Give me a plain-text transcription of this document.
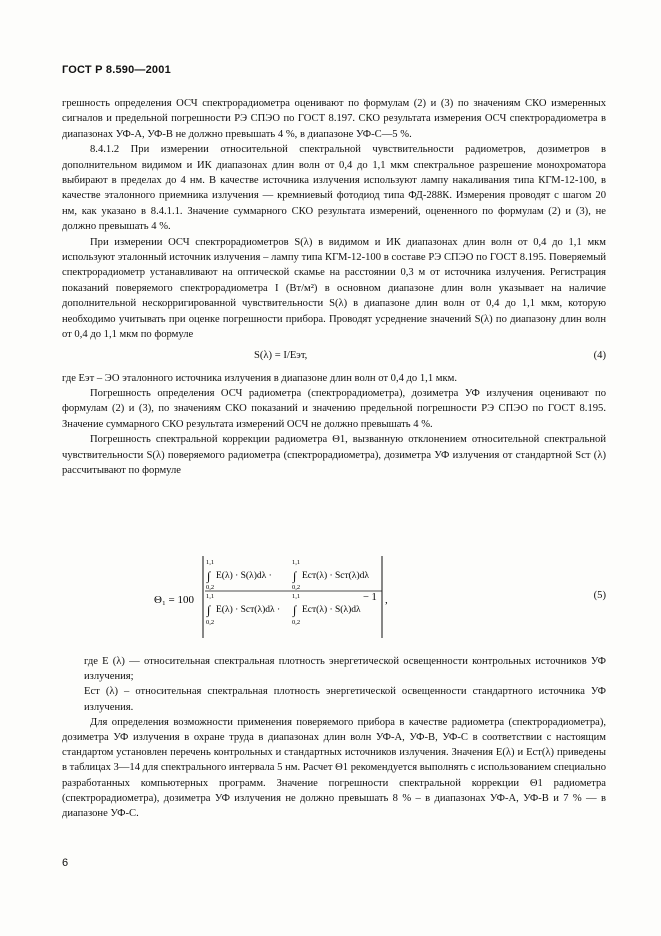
ГОСТ Р 8.590—2001

грешность определения ОСЧ спектрорадиометра оценивают по формулам (2) и (3) по значениям СКО измеренных сигналов и предельной погрешности РЭ СПЭО по ГОСТ 8.197. СКО результата измерения ОСЧ спектрорадиометра в диапазонах УФ-А, УФ-В не должно превышать 4 %, в диапазоне УФ-С—5 %.

8.4.1.2 При измерении относительной спектральной чувствительности радиометров, дозиметров в дополнительном видимом и ИК диапазонах длин волн от 0,4 до 1,1 мкм спектральное разрешение монохроматора выбирают в пределах до 4 нм. В качестве источника излучения используют лампу накаливания типа КГМ-12-100, в качестве эталонного приемника излучения — кремниевый фотодиод типа ФД-288К. Измерения проводят с шагом 20 нм, как указано в 8.4.1.1. Значение суммарного СКО результата измерений, оцененного по формулам (2) и (3), не должно превышать 4 %.

При измерении ОСЧ спектрорадиометров S(λ) в видимом и ИК диапазонах длин волн от 0,4 до 1,1 мкм используют эталонный источник излучения – лампу типа КГМ-12-100 в составе РЭ СПЭО по ГОСТ 8.195. Поверяемый спектрорадиометр устанавливают на оптической скамье на расстоянии 0,3 м от источника излучения. Регистрация показаний поверяемого спектрорадиометра I (Вт/м²) в основном диапазоне длин волн указывает на наличие дополнительной нескорригированной чувствительности S(λ) в диапазоне длин волн от 0,4 до 1,1 мкм, которую необходимо учитывать при оценке погрешности прибора. Проводят усреднение значений S(λ) по диапазону длин волн от 0,4 до 1,1 мкм по формуле

S(λ) = I/Eэт,	(4)

где Eэт – ЭО эталонного источника излучения в диапазоне длин волн от 0,4 до 1,1 мкм.

Погрешность определения ОСЧ радиометра (спектрорадиометра), дозиметра УФ излучения оценивают по формулам (2) и (3), по значениям СКО показаний и значению предельной погрешности РЭ СПЭО по ГОСТ 8.195. Значение суммарного СКО результата измерений ОСЧ не должно превышать 4 %.

Погрешность спектральной коррекции радиометра Θ1, вызванную отклонением относительной спектральной чувствительности S(λ) поверяемого радиометра (спектрорадиометра), дозиметра УФ излучения от стандартной Sст (λ) рассчитывают по формуле

Θ₁ = 100
1,1
∫
0,2
E(λ) · S(λ)dλ ·
1,1
∫
0,2
Eст(λ) · Sст(λ)dλ
1,1
∫
0,2
E(λ) · Sст(λ)dλ ·
1,1
∫
0,2
Eст(λ) · S(λ)dλ
− 1 ,	(5)

где E (λ) — относительная спектральная плотность энергетической освещенности контрольных источников УФ излучения;

Eст (λ) – относительная спектральная плотность энергетической освещенности стандартного источника УФ излучения.

Для определения возможности применения поверяемого прибора в качестве радиометра (спектрорадиометра), дозиметра УФ излучения в охране труда в диапазонах длин волн УФ-А, УФ-В, УФ-С в соответствии с настоящим стандартом установлен перечень контрольных и стандартных источников излучения. Значения E(λ) и Eст(λ) приведены в таблицах 3—14 для спектрального интервала 5 нм. Расчет Θ1 рекомендуется выполнять с использованием специально разработанных компьютерных программ. Значение погрешности спектральной коррекции Θ1 радиометра (спектрорадиометра), дозиметра УФ излучения не должно превышать 8 % – в диапазонах УФ-А, УФ-В и 7 % — в диапазоне УФ-С.

6
